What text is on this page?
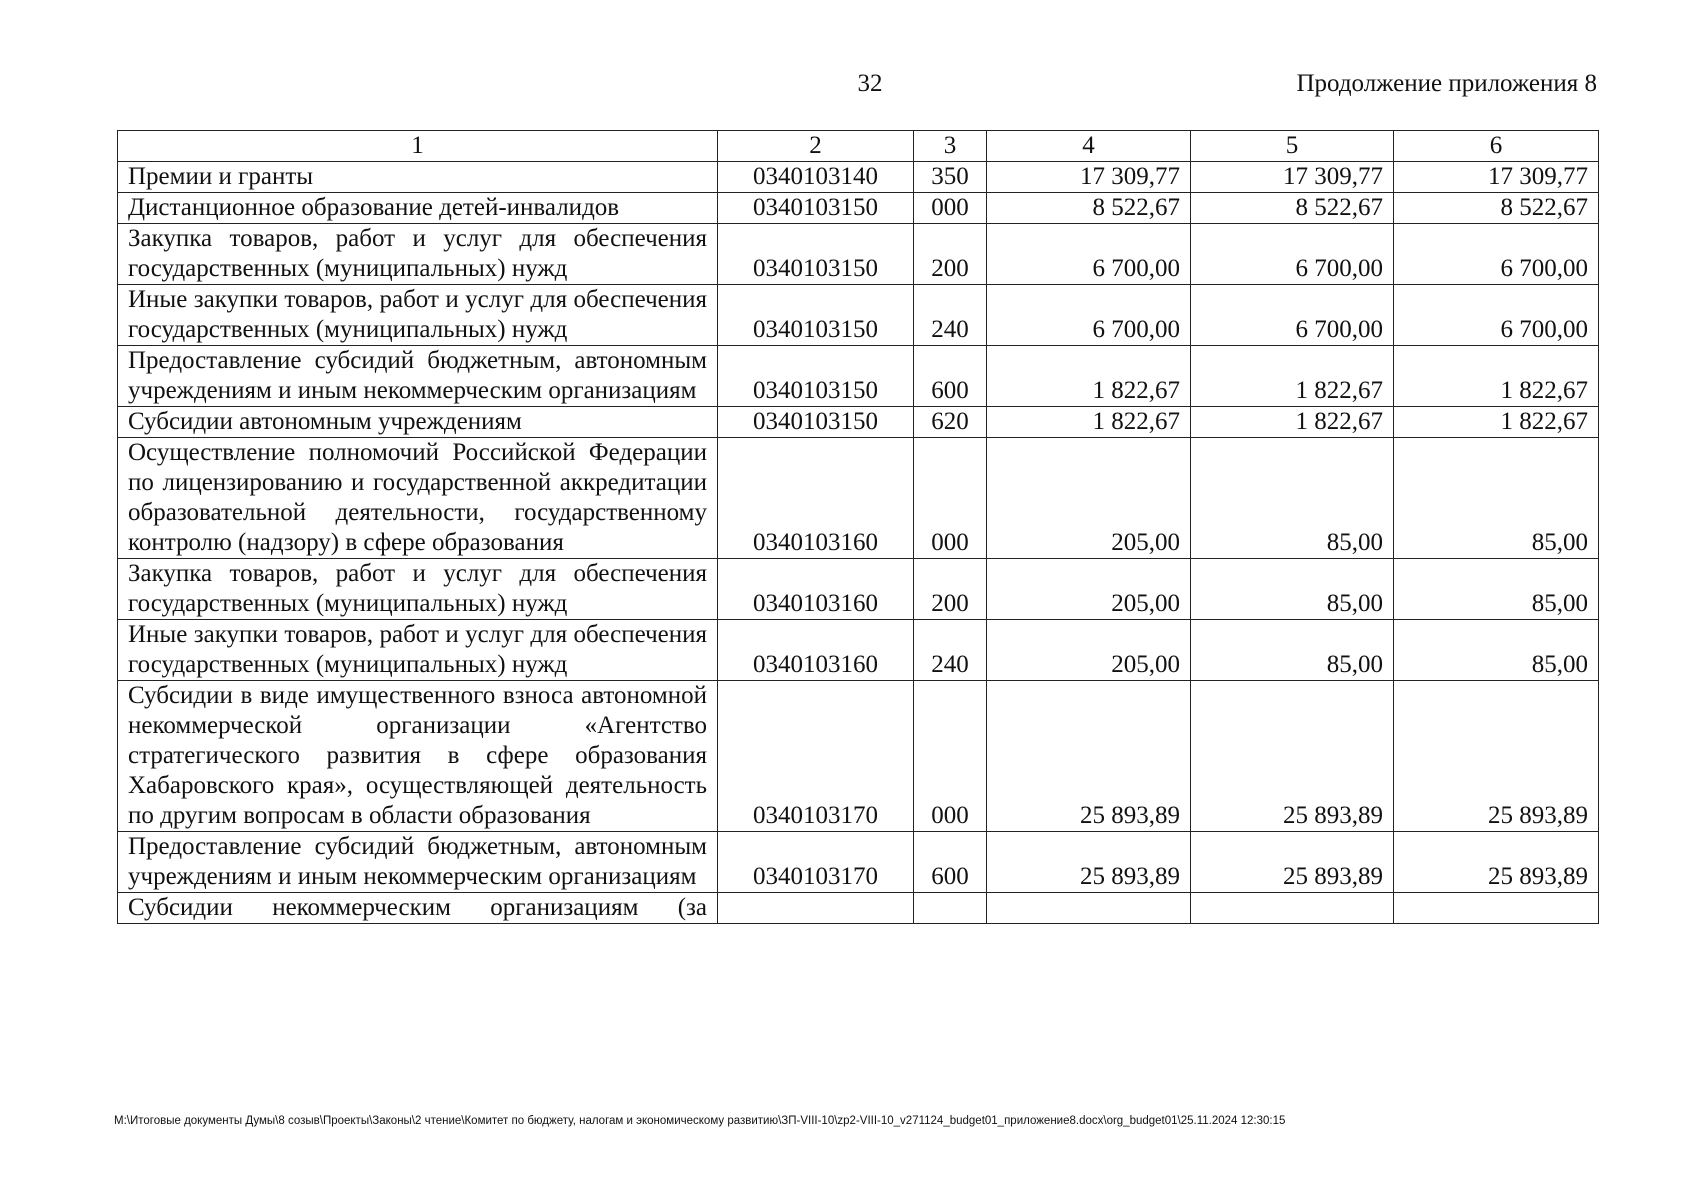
32	Продолжение приложения 8
1	2	3	4	5	6
Премии и гранты	0340103140	350	17 309,77	17 309,77	17 309,77
Дистанционное образование детей-инвалидов	0340103150	000	8 522,67	8 522,67	8 522,67
Закупка товаров, работ и услуг для обеспечения государственных (муниципальных) нужд	0340103150	200	6 700,00	6 700,00	6 700,00
Иные закупки товаров, работ и услуг для обеспечения государственных (муниципальных) нужд	0340103150	240	6 700,00	6 700,00	6 700,00
Предоставление субсидий бюджетным, автономным учреждениям и иным некоммерческим организациям	0340103150	600	1 822,67	1 822,67	1 822,67
Субсидии автономным учреждениям	0340103150	620	1 822,67	1 822,67	1 822,67
Осуществление полномочий Российской Федерации по лицензированию и государственной аккредитации образовательной деятельности, государственному контролю (надзору) в сфере образования	0340103160	000	205,00	85,00	85,00
Закупка товаров, работ и услуг для обеспечения государственных (муниципальных) нужд	0340103160	200	205,00	85,00	85,00
Иные закупки товаров, работ и услуг для обеспечения государственных (муниципальных) нужд	0340103160	240	205,00	85,00	85,00
Субсидии в виде имущественного взноса автономной некоммерческой организации «Агентство стратегического развития в сфере образования Хабаровского края», осуществляющей деятельность по другим вопросам в области образования	0340103170	000	25 893,89	25 893,89	25 893,89
Предоставление субсидий бюджетным, автономным учреждениям и иным некоммерческим организациям	0340103170	600	25 893,89	25 893,89	25 893,89
Субсидии некоммерческим организациям (за					
M:\Итоговые документы Думы\8 созыв\Проекты\Законы\2 чтение\Комитет по бюджету, налогам и экономическому развитию\ЗП-VIII-10\zp2-VIII-10_v271124_budget01_приложение8.docx\org_budget01\25.11.2024 12:30:15
